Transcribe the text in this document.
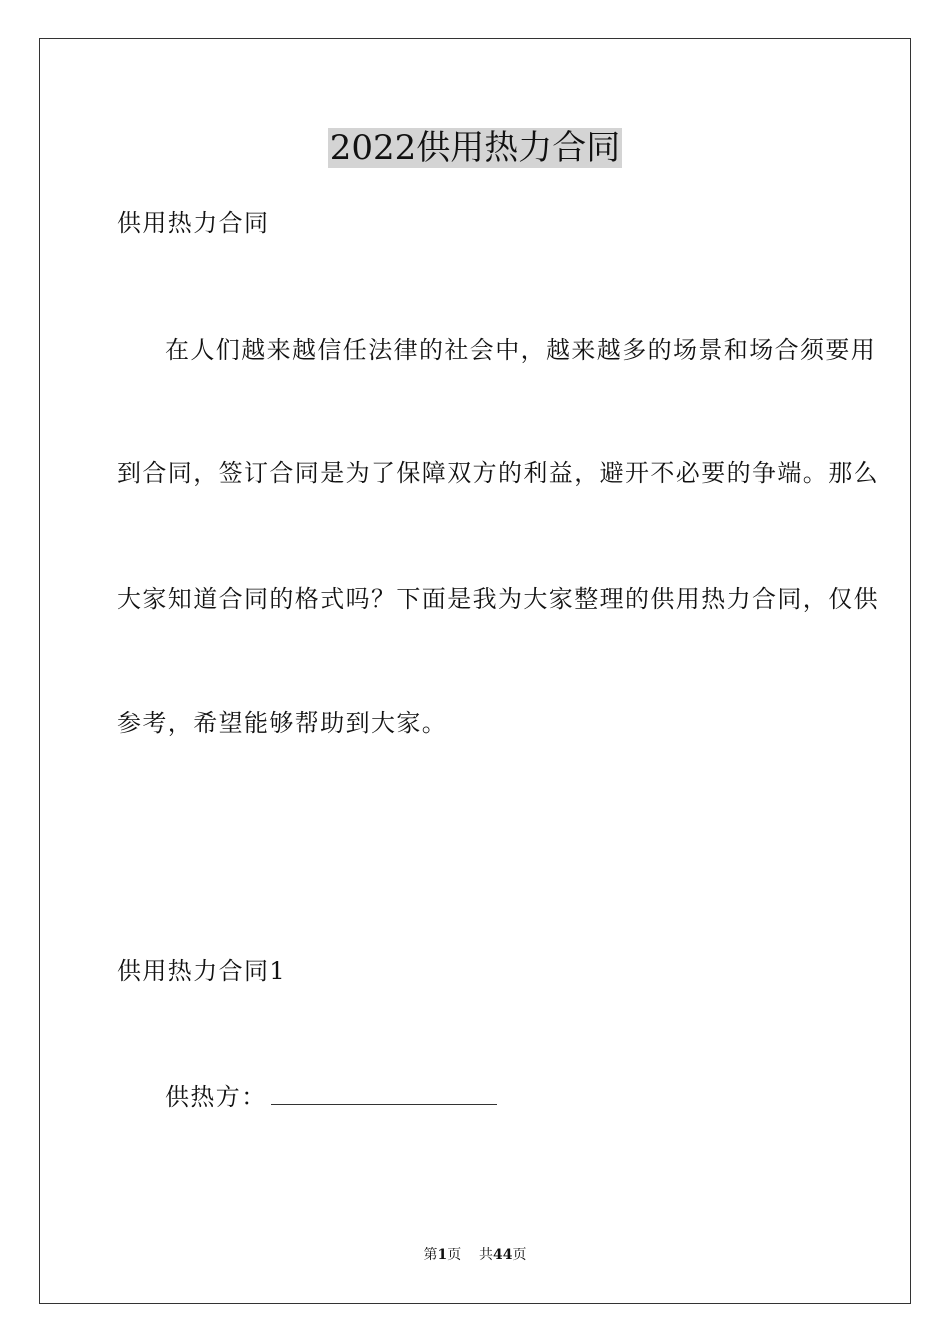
2022供用热力合同

供用热力合同

在人们越来越信任法律的社会中，越来越多的场景和场合须要用

到合同，签订合同是为了保障双方的利益，避开不必要的争端。那么

大家知道合同的格式吗？下面是我为大家整理的供用热力合同，仅供

参考，希望能够帮助到大家。

供用热力合同1

供热方：

第1页 共44页
